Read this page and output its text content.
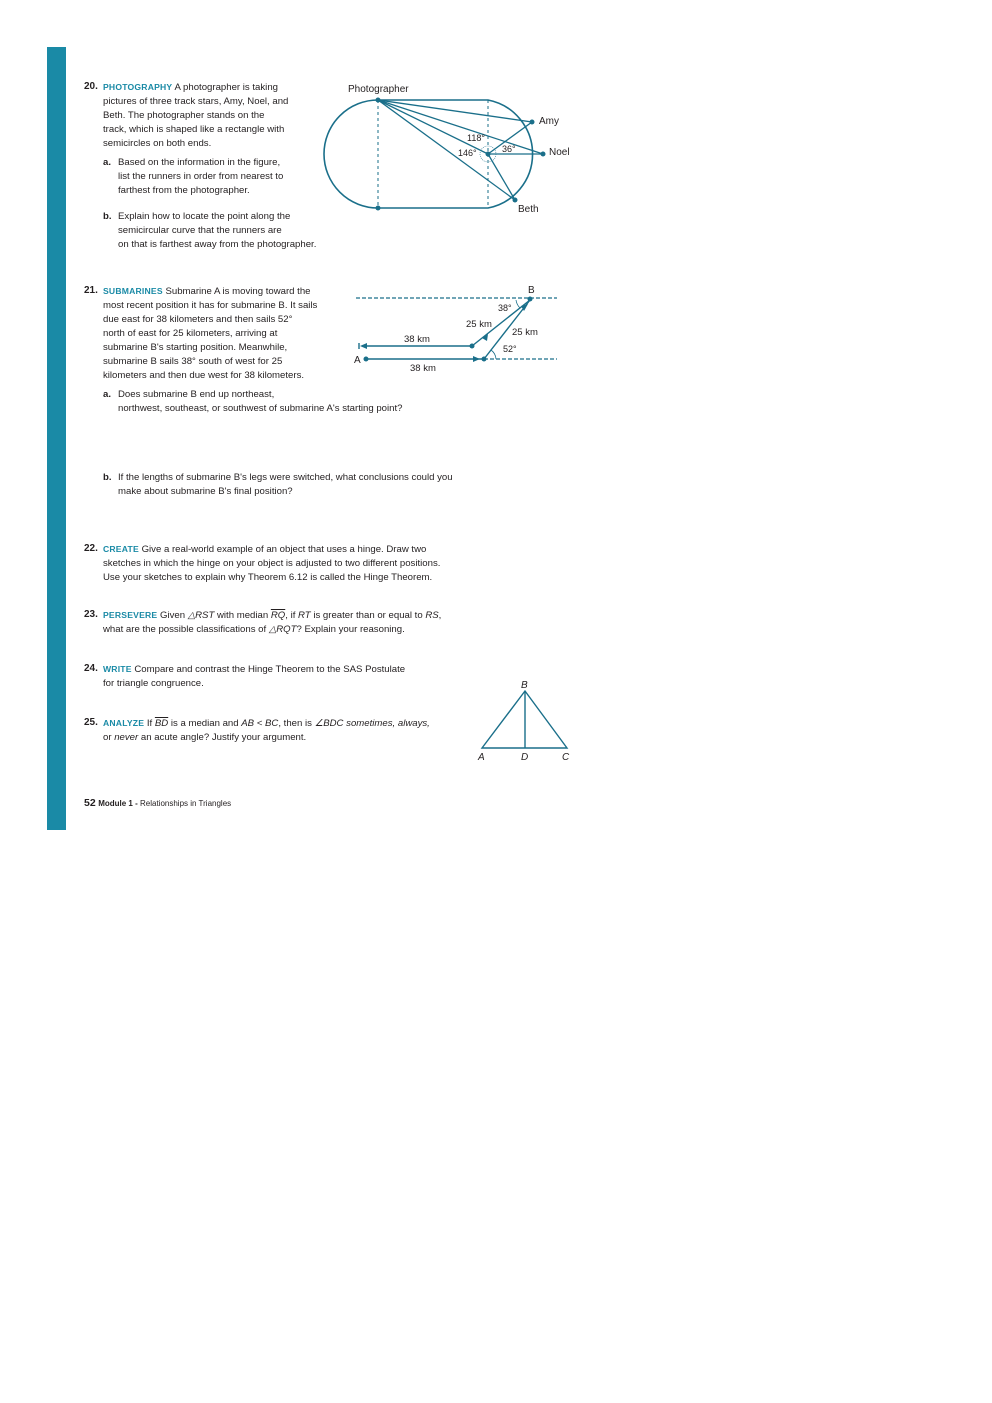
20. PHOTOGRAPHY A photographer is taking
pictures of three track stars, Amy, Noel, and
Beth. The photographer stands on the
track, which is shaped like a rectangle with
semicircles on both ends.
a. Based on the information in the figure,
list the runners in order from nearest to
farthest from the photographer.
b. Explain how to locate the point along the
semicircular curve that the runners are
on that is farthest away from the photographer.
Photographer
Amy
Noel
Beth
118°
146°	36°
21. SUBMARINES Submarine A is moving toward the
most recent position it has for submarine B. It sails
due east for 38 kilometers and then sails 52°
north of east for 25 kilometers, arriving at
submarine B's starting position. Meanwhile,
submarine B sails 38° south of west for 25
kilometers and then due west for 38 kilometers.
a. Does submarine B end up northeast,
northwest, southeast, or southwest of submarine A's starting point?
b. If the lengths of submarine B's legs were switched, what conclusions could you
make about submarine B's final position?
B
A
38°
52°
25 km
25 km
38 km
38 km
22. CREATE Give a real-world example of an object that uses a hinge. Draw two
sketches in which the hinge on your object is adjusted to two different positions.
Use your sketches to explain why Theorem 6.12 is called the Hinge Theorem.
23. PERSEVERE Given △RST with median $\overline{RQ}$, if RT is greater than or equal to RS,
what are the possible classifications of △RQT? Explain your reasoning.
24. WRITE Compare and contrast the Hinge Theorem to the SAS Postulate
for triangle congruence.
25. ANALYZE If $\overline{BD}$ is a median and AB < BC, then is ∠BDC sometimes, always,
or never an acute angle? Justify your argument.
B
A	D	C
52 Module 1 - Relationships in Triangles
